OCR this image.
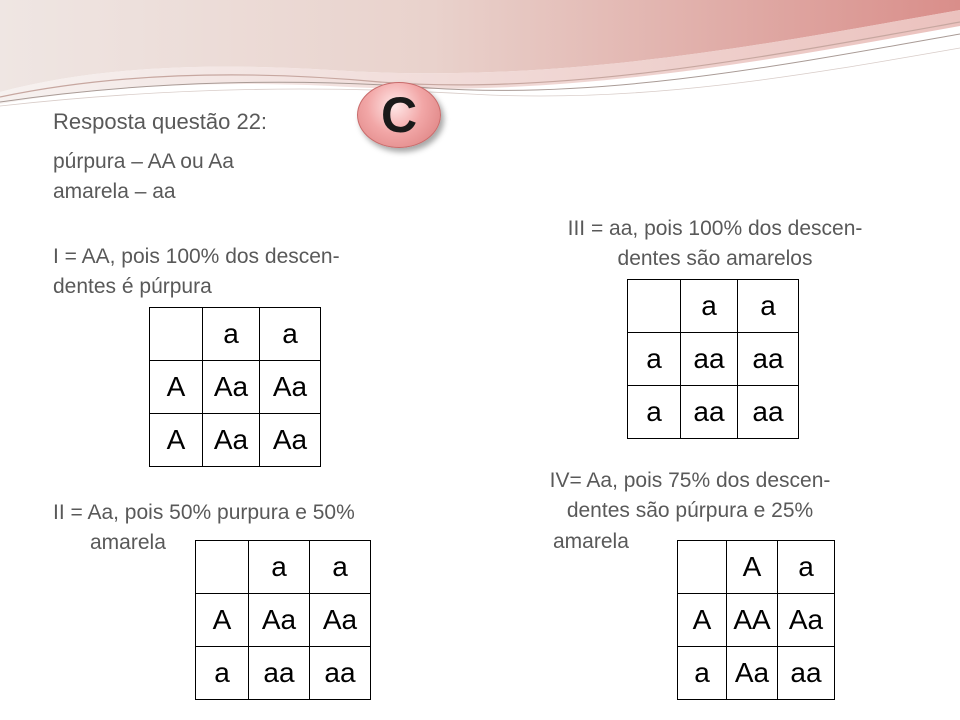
Resposta questão 22:	C
púrpura – AA ou Aa
amarela – aa
I = AA, pois 100% dos descen-
dentes é púrpura
	a	a
A	Aa	Aa
A	Aa	Aa
II = Aa, pois 50% purpura e 50%
amarela
	a	a
A	Aa	Aa
a	aa	aa
III = aa, pois 100% dos descen-
dentes são amarelos
	a	a
a	aa	aa
a	aa	aa
IV= Aa, pois 75% dos descen-
dentes são púrpura e 25%
amarela
	A	a
A	AA	Aa
a	Aa	aa
